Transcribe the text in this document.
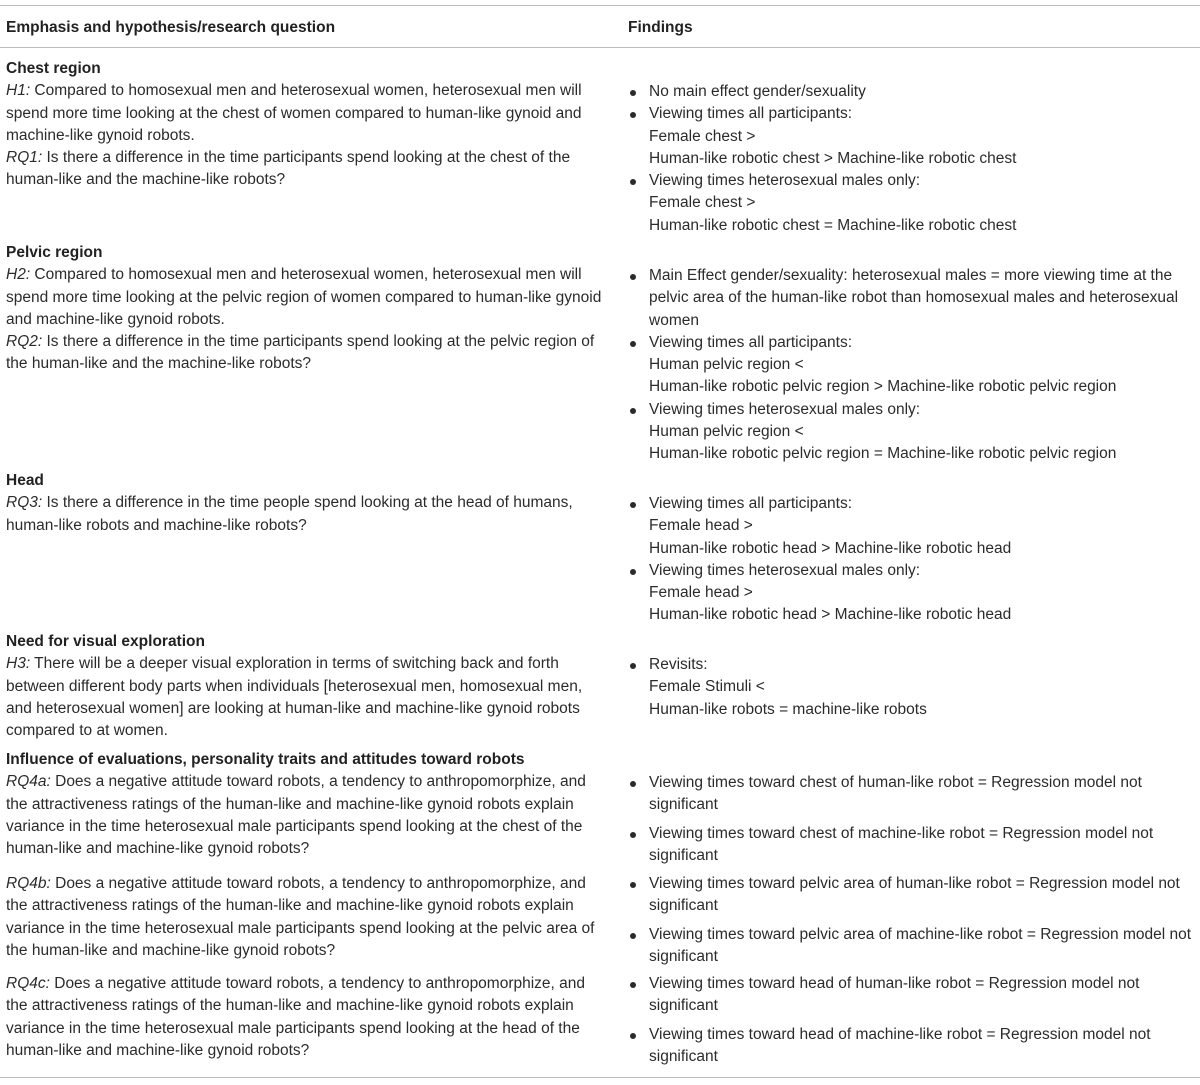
Emphasis and hypothesis/research question	Findings
Chest region

H1: Compared to homosexual men and heterosexual women, heterosexual men will spend more time looking at the chest of women compared to human-like gynoid and machine-like gynoid robots.

RQ1: Is there a difference in the time participants spend looking at the chest of the human-like and the machine-like robots?

No main effect gender/sexuality
Viewing times all participants:
Female chest >
Human-like robotic chest > Machine-like robotic chest
Viewing times heterosexual males only:
Female chest >
Human-like robotic chest = Machine-like robotic chest
Pelvic region

H2: Compared to homosexual men and heterosexual women, heterosexual men will spend more time looking at the pelvic region of women compared to human-like gynoid and machine-like gynoid robots.

RQ2: Is there a difference in the time participants spend looking at the pelvic region of the human-like and the machine-like robots?

Main Effect gender/sexuality: heterosexual males = more viewing time at the pelvic area of the human-like robot than homosexual males and heterosexual women
Viewing times all participants:
Human pelvic region <
Human-like robotic pelvic region > Machine-like robotic pelvic region
Viewing times heterosexual males only:
Human pelvic region <
Human-like robotic pelvic region = Machine-like robotic pelvic region
Head

RQ3: Is there a difference in the time people spend looking at the head of humans, human-like robots and machine-like robots?

Viewing times all participants:
Female head >
Human-like robotic head > Machine-like robotic head
Viewing times heterosexual males only:
Female head >
Human-like robotic head > Machine-like robotic head
Need for visual exploration

H3: There will be a deeper visual exploration in terms of switching back and forth between different body parts when individuals [heterosexual men, homosexual men, and heterosexual women] are looking at human-like and machine-like gynoid robots compared to at women.

Revisits:
Female Stimuli <
Human-like robots = machine-like robots
Influence of evaluations, personality traits and attitudes toward robots

RQ4a: Does a negative attitude toward robots, a tendency to anthropomorphize, and the attractiveness ratings of the human-like and machine-like gynoid robots explain variance in the time heterosexual male participants spend looking at the chest of the human-like and machine-like gynoid robots?

Viewing times toward chest of human-like robot = Regression model not significant
Viewing times toward chest of machine-like robot = Regression model not significant

RQ4b: Does a negative attitude toward robots, a tendency to anthropomorphize, and the attractiveness ratings of the human-like and machine-like gynoid robots explain variance in the time heterosexual male participants spend looking at the pelvic area of the human-like and machine-like gynoid robots?

Viewing times toward pelvic area of human-like robot = Regression model not significant
Viewing times toward pelvic area of machine-like robot = Regression model not significant

RQ4c: Does a negative attitude toward robots, a tendency to anthropomorphize, and the attractiveness ratings of the human-like and machine-like gynoid robots explain variance in the time heterosexual male participants spend looking at the head of the human-like and machine-like gynoid robots?

Viewing times toward head of human-like robot = Regression model not significant
Viewing times toward head of machine-like robot = Regression model not significant
